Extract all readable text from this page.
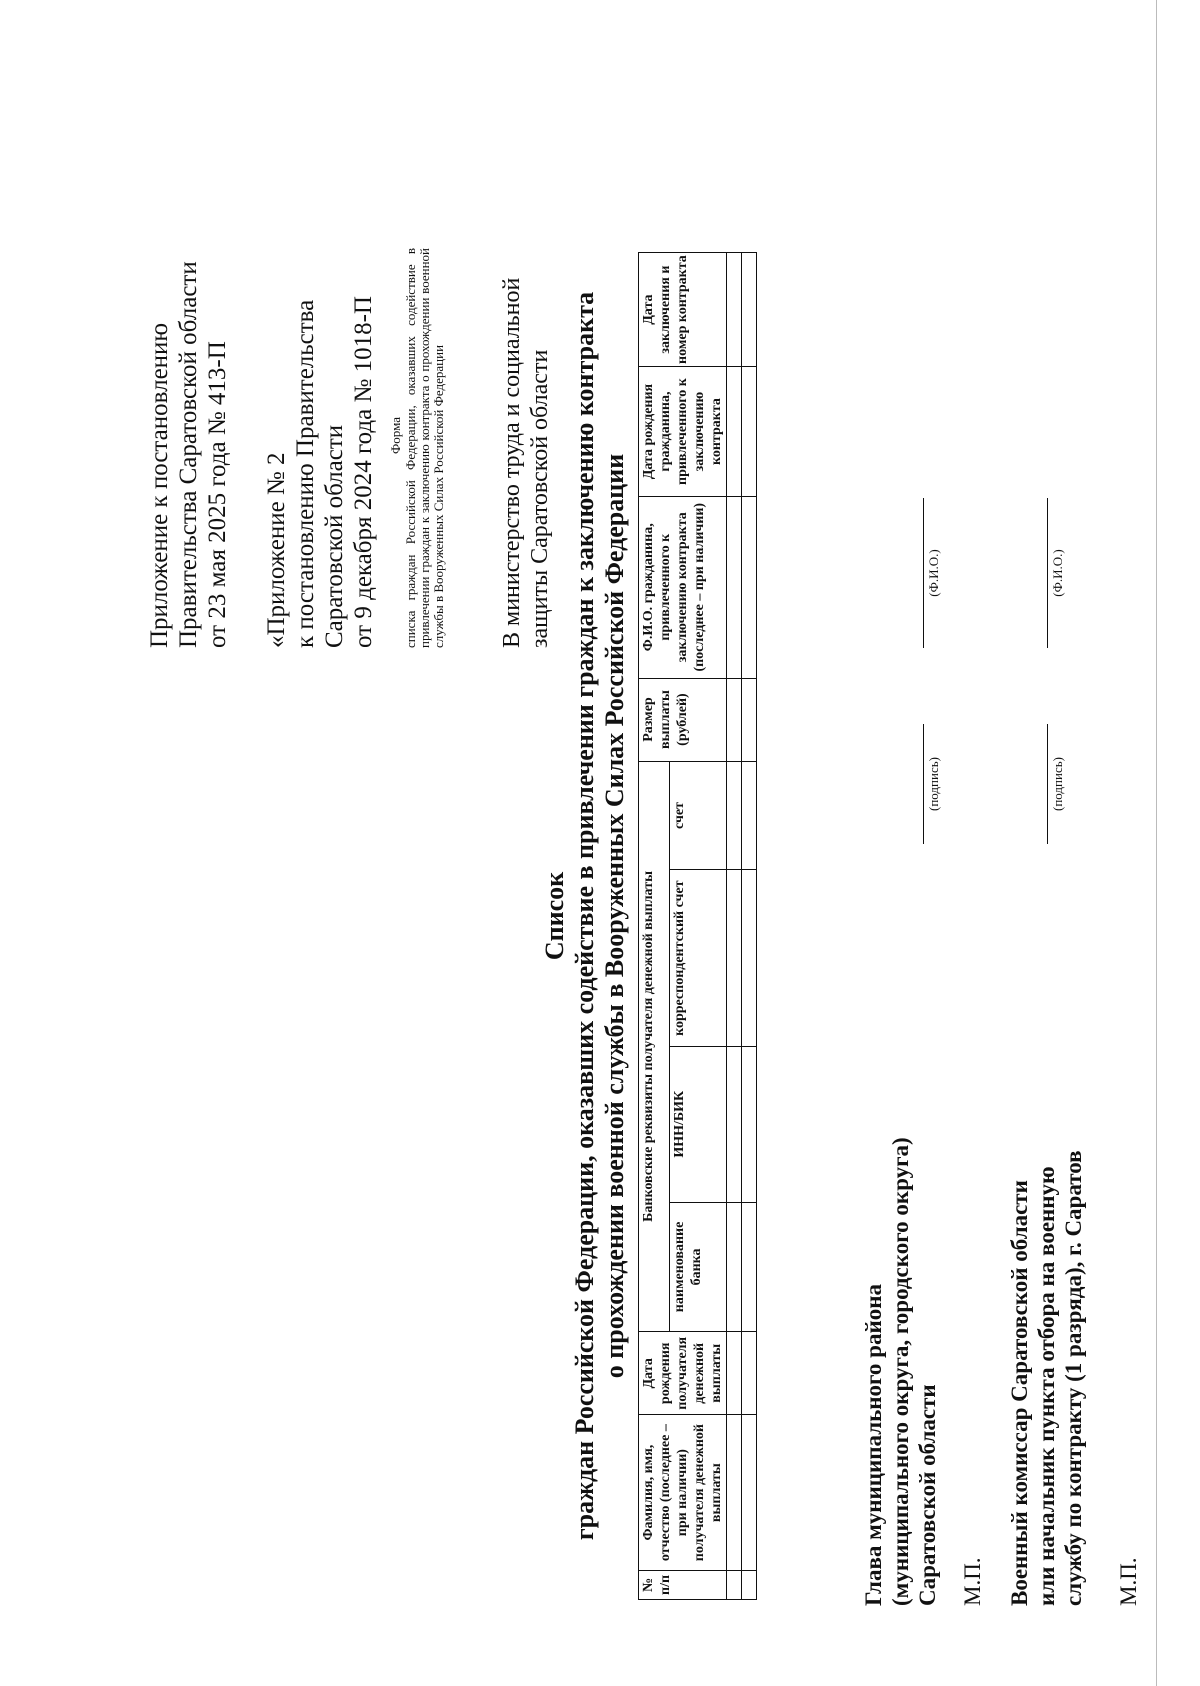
Приложение к постановлению Правительства Саратовской области от 23 мая 2025 года № 413-П «Приложение № 2 к постановлению Правительства Саратовской области от 9 декабря 2024 года № 1018-П Форма списка граждан Российской Федерации, оказавших содействие в привлечении граждан к заключению контракта о прохождении военной службы в Вооруженных Силах Российской Федерации В министерство труда и социальной защиты Саратовской области
Список граждан Российской Федерации, оказавших содействие в привлечении граждан к заключению контракта о прохождении военной службы в Вооруженных Силах Российской Федерации
№ п/п	Фамилия, имя, отчество (последнее – при наличии) получателя денежной выплаты	Дата рождения получателя денежной выплаты	Банковские реквизиты получателя денежной выплаты				Размер выплаты (рублей)	Ф.И.О. гражданина, привлеченного к заключению контракта (последнее – при наличии)	Дата рождения гражданина, привлеченного к заключению контракта	Дата заключения и номер контракта
			наименование банка	ИНН/БИК	корреспондентский счет	счет				

Глава муниципального района (муниципального округа, городского округа) Саратовской области
(подпись)
(Ф.И.О.)
М.П. Военный комиссар Саратовской области или начальник пункта отбора на военную службу по контракту (1 разряда), г. Саратов
(подпись)
(Ф.И.О.)
М.П.
